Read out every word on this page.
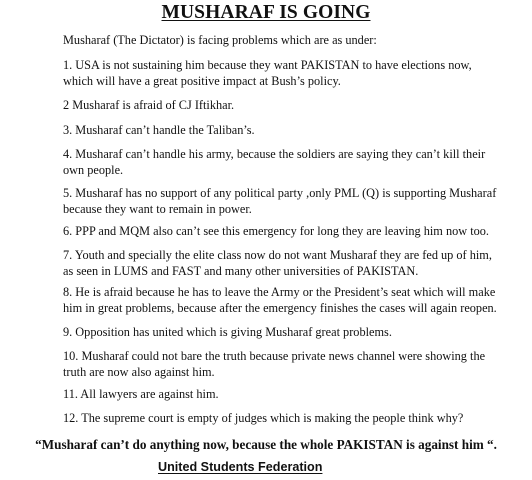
MUSHARAF IS GOING
Musharaf (The Dictator) is facing problems which are as under:
1. USA is not sustaining him because they want PAKISTAN to have elections now,
which will have a great positive impact at Bush’s policy.
2 Musharaf is afraid of CJ Iftikhar.
3. Musharaf can’t handle the Taliban’s.
4. Musharaf can’t handle his army, because the soldiers are saying they can’t kill their
own people.
5. Musharaf has no support of any political party ,only PML (Q) is supporting Musharaf
because they want to remain in power.
6. PPP and MQM also can’t see this emergency for long they are leaving him now too.
7. Youth and specially the elite class now do not want Musharaf they are fed up of him,
as seen in LUMS and FAST and many other universities of PAKISTAN.
8. He is afraid because he has to leave the Army or the President’s seat which will make
him in great problems, because after the emergency finishes the cases will again reopen.
9. Opposition has united which is giving Musharaf great problems.
10. Musharaf could not bare the truth because private news channel were showing the
truth are now also against him.
11. All lawyers are against him.
12. The supreme court is empty of judges which is making the people think why?
“Musharaf can’t do anything now, because the whole PAKISTAN is against him “.
United Students Federation
